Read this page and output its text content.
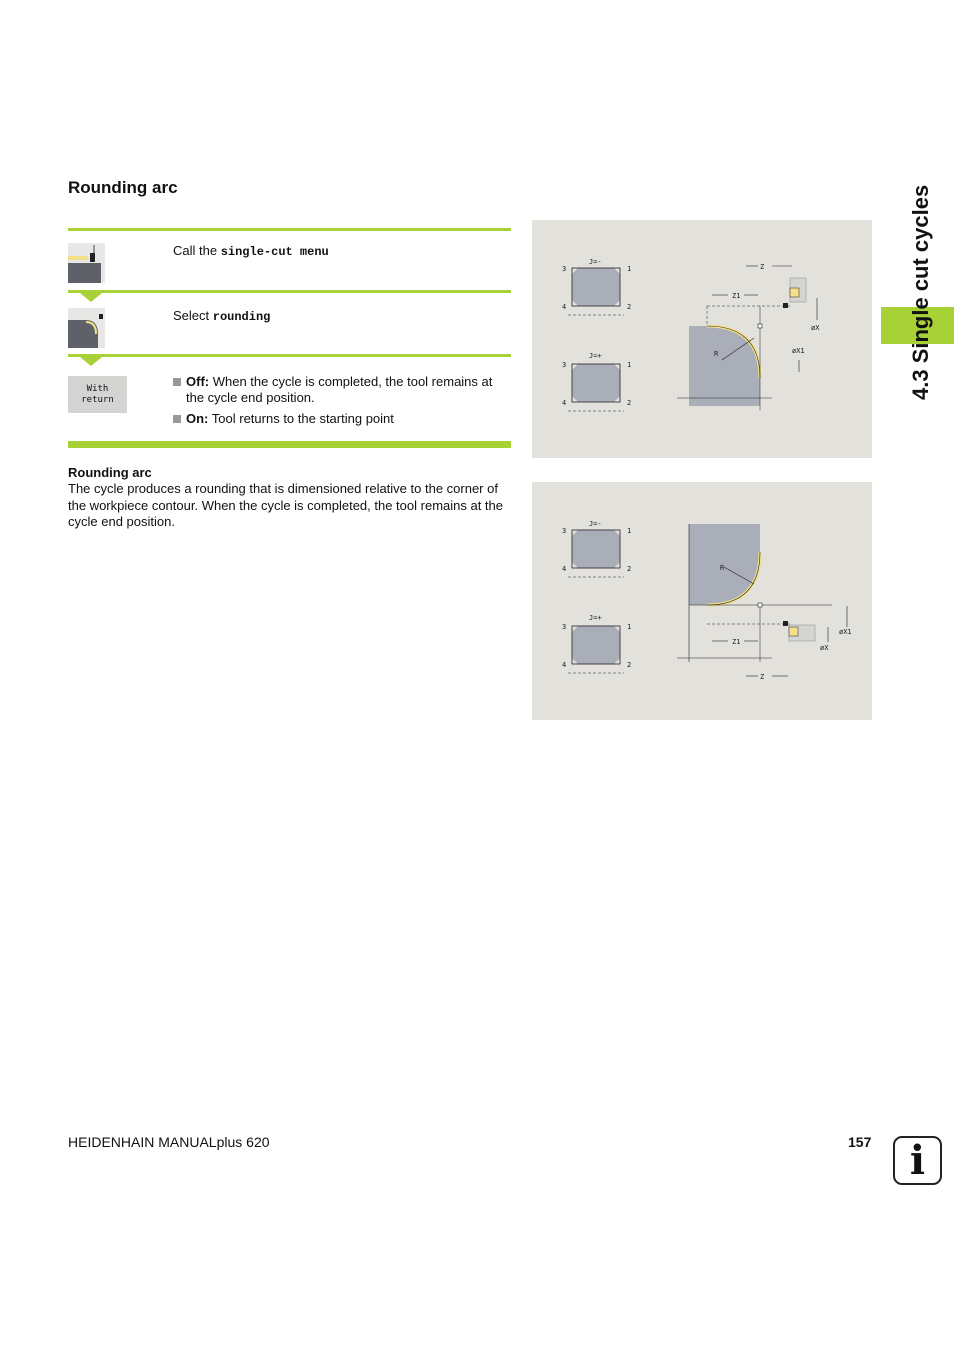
Rounding arc
Call the single-cut menu
Select rounding
With
return
Off: When the cycle is completed, the tool remains at the cycle end position.
On: Tool returns to the starting point
Rounding arc
The cycle produces a rounding that is dimensioned relative to the corner of the workpiece contour. When the cycle is completed, the tool remains at the cycle end position.
J=-
1
2
3
4
J=+
1
2
3
4
R
Z
Z1
øX
øX1
J=-
1
2
3
4
J=+
1
2
3
4
R
Z1
Z
øX1
øX
4.3 Single cut cycles
HEIDENHAIN MANUALplus 620	157 i
